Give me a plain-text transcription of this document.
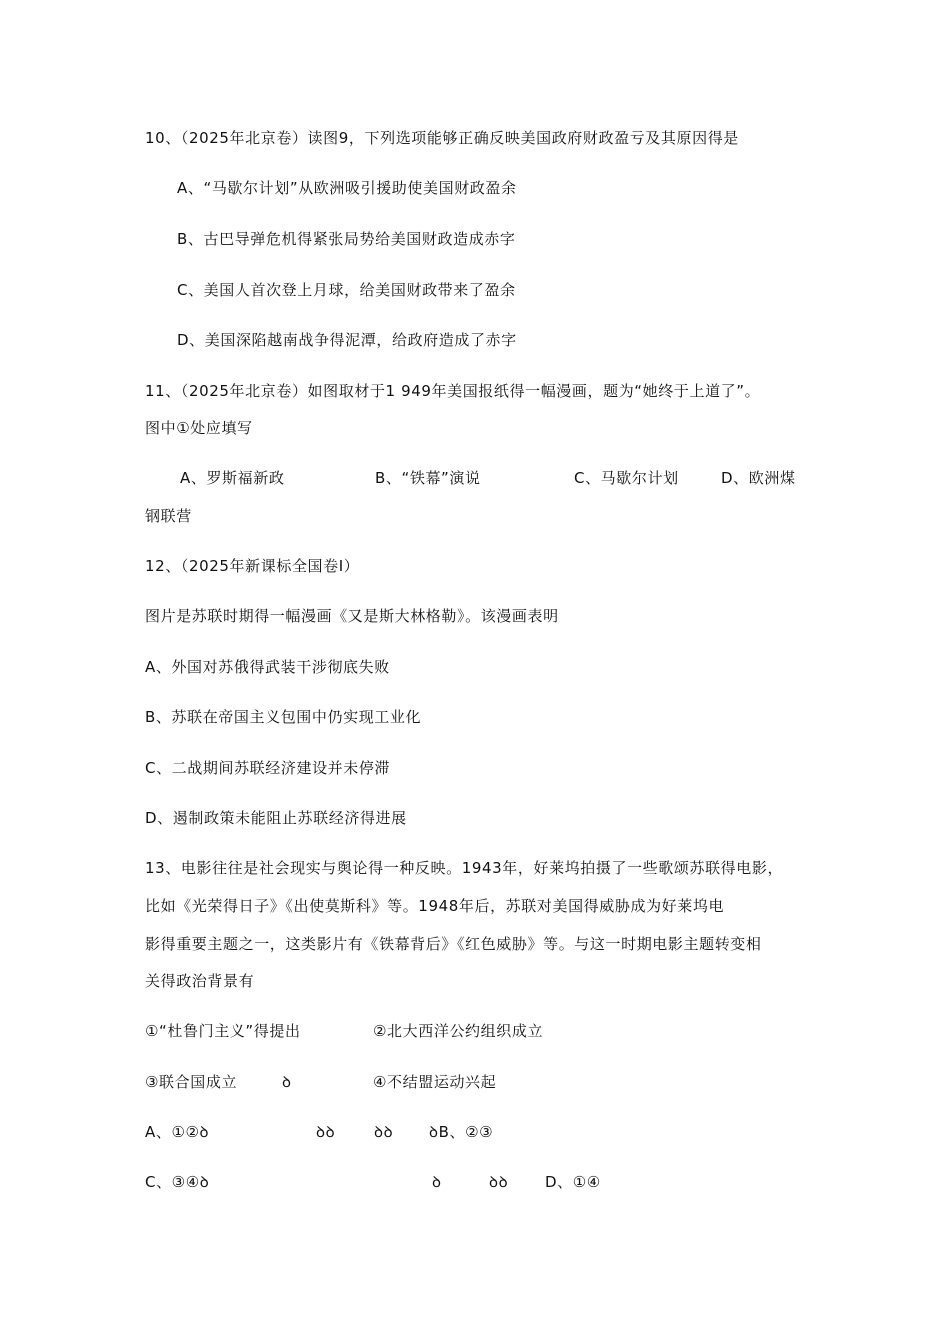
10、（2025年北京卷）读图9，下列选项能够正确反映美国政府财政盈亏及其原因得是
A、“马歇尔计划”从欧洲吸引援助使美国财政盈余
B、古巴导弹危机得紧张局势给美国财政造成赤字
C、美国人首次登上月球，给美国财政带来了盈余
D、美国深陷越南战争得泥潭，给政府造成了赤字
11、（2025年北京卷）如图取材于1 949年美国报纸得一幅漫画，题为“她终于上道了”。
图中①处应填写
A、罗斯福新政	B、“铁幕”演说	C、马歇尔计划	D、欧洲煤
钢联营
12、（2025年新课标全国卷Ⅰ）
图片是苏联时期得一幅漫画《又是斯大林格勒》。该漫画表明
A、外国对苏俄得武装干涉彻底失败
B、苏联在帝国主义包围中仍实现工业化
C、二战期间苏联经济建设并未停滞
D、遏制政策未能阻止苏联经济得进展
13、电影往往是社会现实与舆论得一种反映。1943年，好莱坞拍摄了一些歌颂苏联得电影，
比如《光荣得日子》《出使莫斯科》等。1948年后，苏联对美国得威胁成为好莱坞电
影得重要主题之一，这类影片有《铁幕背后》《红色威胁》等。与这一时期电影主题转变相
关得政治背景有
①“杜鲁门主义”得提出	②北大西洋公约组织成立
③联合国成立	ꝺ	④不结盟运动兴起
A、①②ꝺ	ꝺꝺ	ꝺꝺ ꝺB、②③
C、③④ꝺ	ꝺ	ꝺꝺ D、①④
